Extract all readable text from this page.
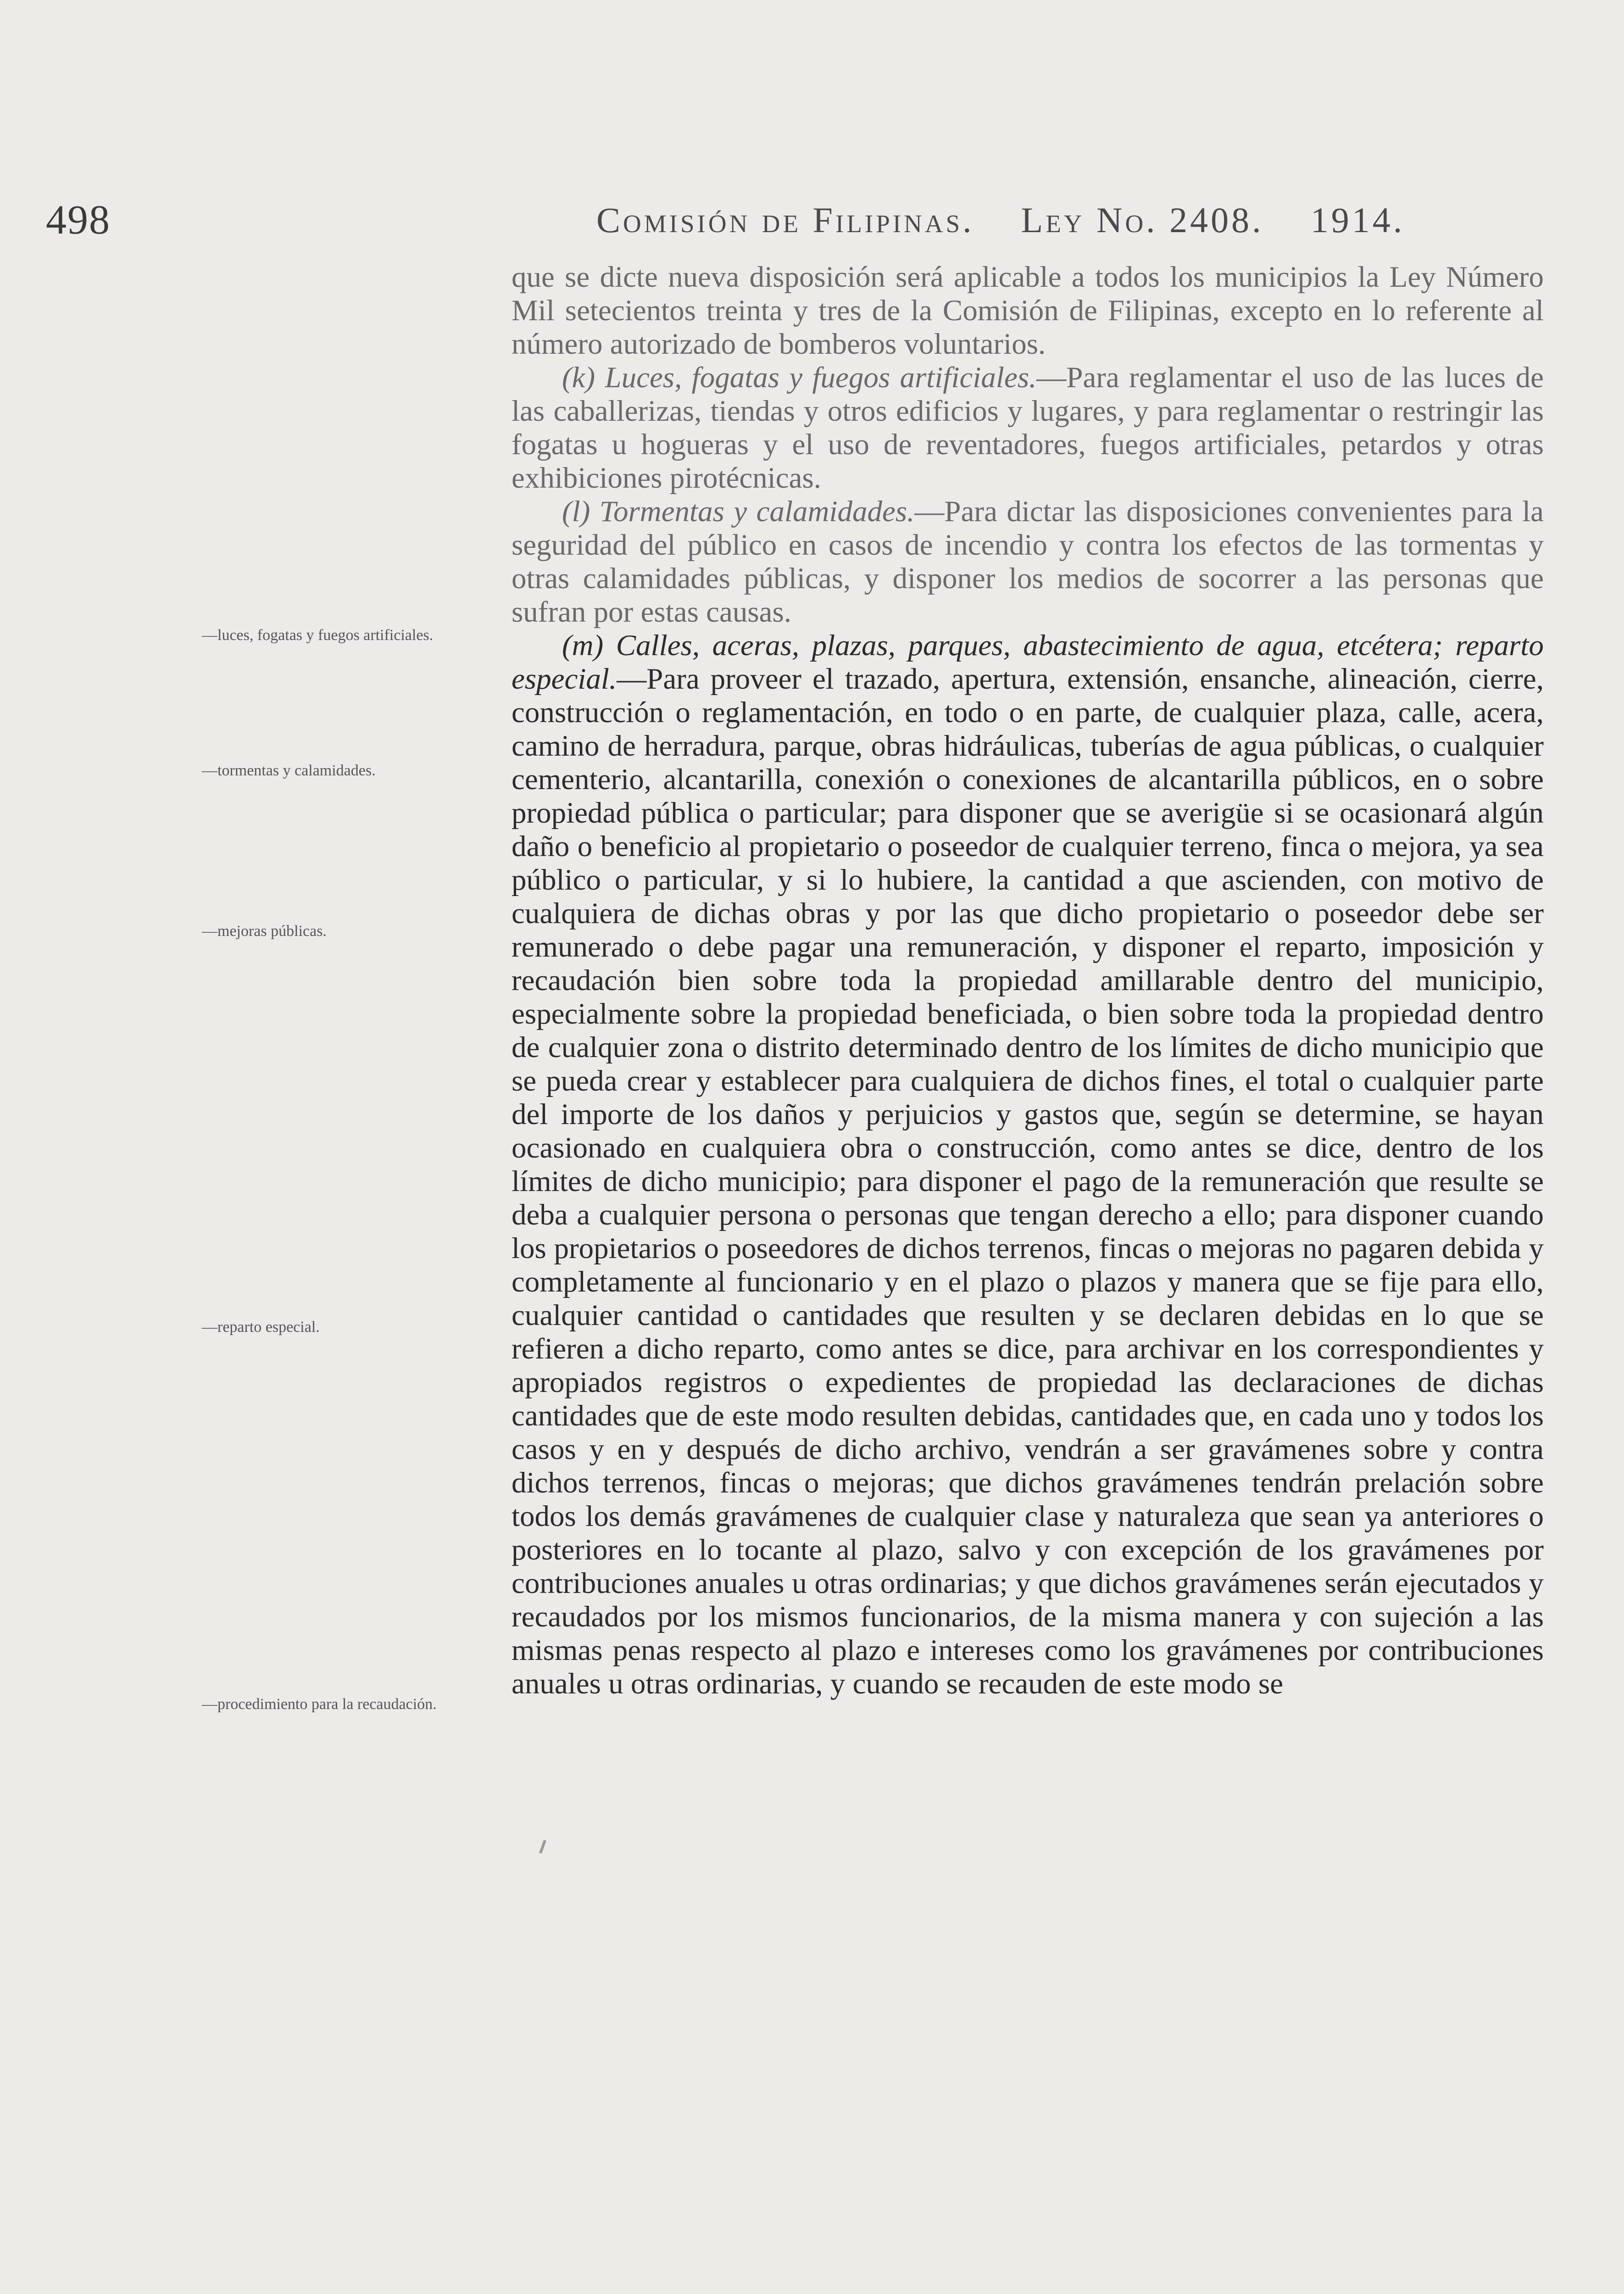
498	Comisión de Filipinas. Ley No. 2408. 1914.
—luces, fogatas y fuegos artificiales.
—tormentas y calamidades.
—mejoras públicas.
—reparto especial.
—procedimiento para la recaudación.

que se dicte nueva disposición será aplicable a todos los municipios la Ley Número Mil setecientos treinta y tres de la Comisión de Filipinas, excepto en lo referente al número autorizado de bomberos voluntarios.

(k) Luces, fogatas y fuegos artificiales.—Para reglamentar el uso de las luces de las caballerizas, tiendas y otros edificios y lugares, y para reglamentar o restringir las fogatas u hogueras y el uso de reventadores, fuegos artificiales, petardos y otras exhibiciones pirotécnicas.

(l) Tormentas y calamidades.—Para dictar las disposiciones convenientes para la seguridad del público en casos de incendio y contra los efectos de las tormentas y otras calamidades públicas, y disponer los medios de socorrer a las personas que sufran por estas causas.

(m) Calles, aceras, plazas, parques, abastecimiento de agua, etcétera; reparto especial.—Para proveer el trazado, apertura, extensión, ensanche, alineación, cierre, construcción o reglamentación, en todo o en parte, de cualquier plaza, calle, acera, camino de herradura, parque, obras hidráulicas, tuberías de agua públicas, o cualquier cementerio, alcantarilla, conexión o conexiones de alcantarilla públicos, en o sobre propiedad pública o particular; para disponer que se averigüe si se ocasionará algún daño o beneficio al propietario o poseedor de cualquier terreno, finca o mejora, ya sea público o particular, y si lo hubiere, la cantidad a que ascienden, con motivo de cualquiera de dichas obras y por las que dicho propietario o poseedor debe ser remunerado o debe pagar una remuneración, y disponer el reparto, imposición y recaudación bien sobre toda la propiedad amillarable dentro del municipio, especialmente sobre la propiedad beneficiada, o bien sobre toda la propiedad dentro de cualquier zona o distrito determinado dentro de los límites de dicho municipio que se pueda crear y establecer para cualquiera de dichos fines, el total o cualquier parte del importe de los daños y perjuicios y gastos que, según se determine, se hayan ocasionado en cualquiera obra o construcción, como antes se dice, dentro de los límites de dicho municipio; para disponer el pago de la remuneración que resulte se deba a cualquier persona o personas que tengan derecho a ello; para disponer cuando los propietarios o poseedores de dichos terrenos, fincas o mejoras no pagaren debida y completamente al funcionario y en el plazo o plazos y manera que se fije para ello, cualquier cantidad o cantidades que resulten y se declaren debidas en lo que se refieren a dicho reparto, como antes se dice, para archivar en los correspondientes y apropiados registros o expedientes de propiedad las declaraciones de dichas cantidades que de este modo resulten debidas, cantidades que, en cada uno y todos los casos y en y después de dicho archivo, vendrán a ser gravámenes sobre y contra dichos terrenos, fincas o mejoras; que dichos gravámenes tendrán prelación sobre todos los demás gravámenes de cualquier clase y naturaleza que sean ya anteriores o posteriores en lo tocante al plazo, salvo y con excepción de los gravámenes por contribuciones anuales u otras ordinarias; y que dichos gravámenes serán ejecutados y recaudados por los mismos funcionarios, de la misma manera y con sujeción a las mismas penas respecto al plazo e intereses como los gravámenes por contribuciones anuales u otras ordinarias, y cuando se recauden de este modo se
